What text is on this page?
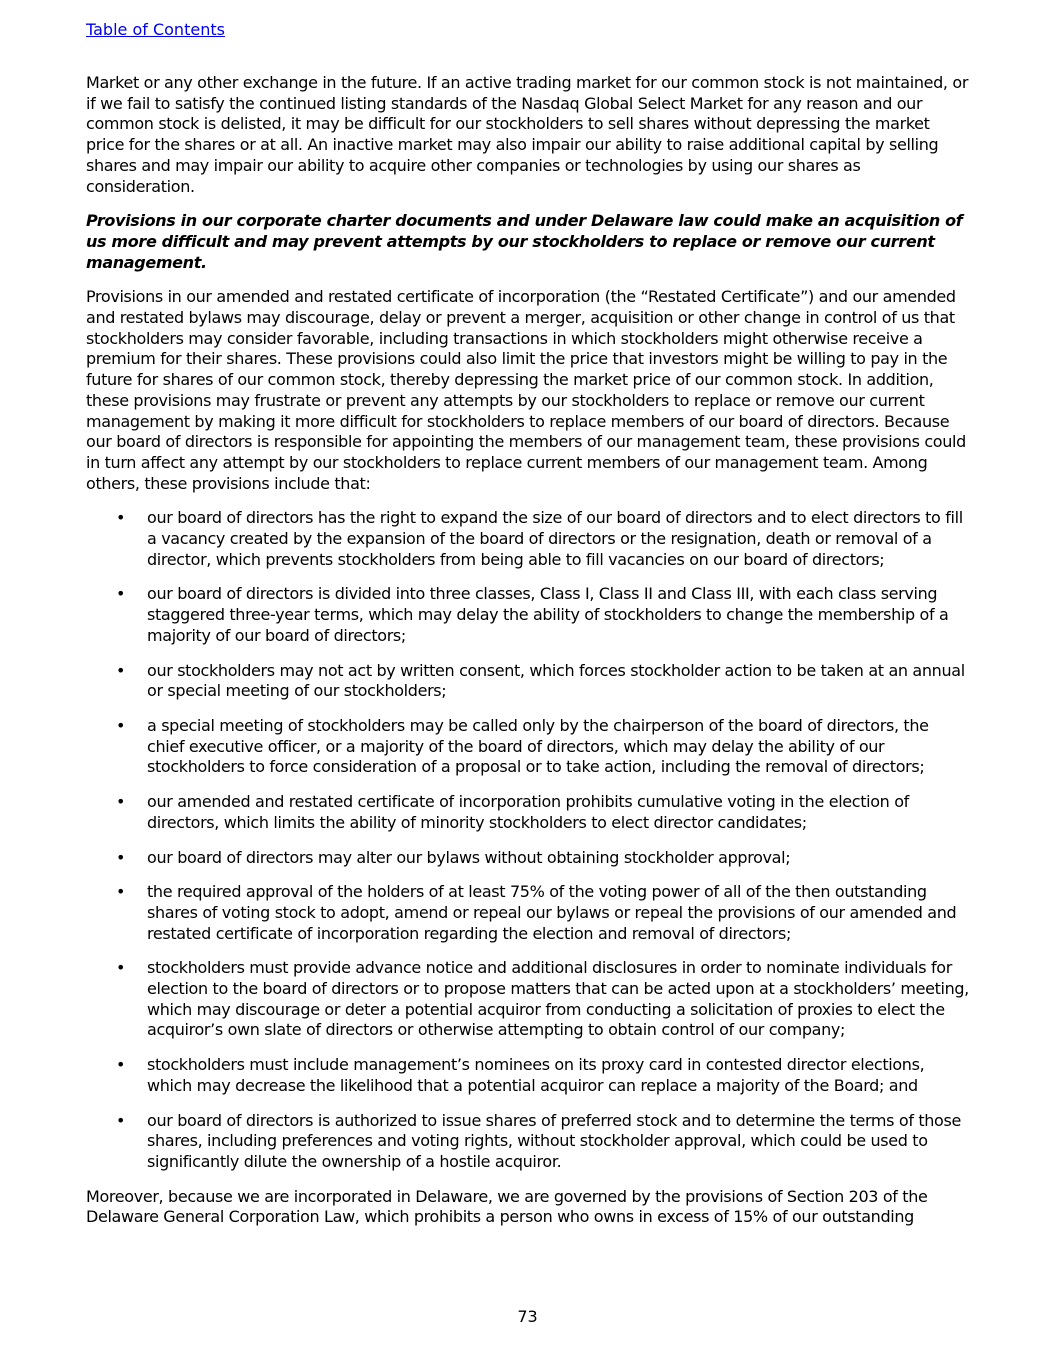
Table of Contents

Market or any other exchange in the future. If an active trading market for our common stock is not maintained, or if we fail to satisfy the continued listing standards of the Nasdaq Global Select Market for any reason and our common stock is delisted, it may be difficult for our stockholders to sell shares without depressing the market price for the shares or at all. An inactive market may also impair our ability to raise additional capital by selling shares and may impair our ability to acquire other companies or technologies by using our shares as consideration.

Provisions in our corporate charter documents and under Delaware law could make an acquisition of us more difficult and may prevent attempts by our stockholders to replace or remove our current management.

Provisions in our amended and restated certificate of incorporation (the “Restated Certificate”) and our amended and restated bylaws may discourage, delay or prevent a merger, acquisition or other change in control of us that stockholders may consider favorable, including transactions in which stockholders might otherwise receive a premium for their shares. These provisions could also limit the price that investors might be willing to pay in the future for shares of our common stock, thereby depressing the market price of our common stock. In addition, these provisions may frustrate or prevent any attempts by our stockholders to replace or remove our current management by making it more difficult for stockholders to replace members of our board of directors. Because our board of directors is responsible for appointing the members of our management team, these provisions could in turn affect any attempt by our stockholders to replace current members of our management team. Among others, these provisions include that:

• our board of directors has the right to expand the size of our board of directors and to elect directors to fill a vacancy created by the expansion of the board of directors or the resignation, death or removal of a director, which prevents stockholders from being able to fill vacancies on our board of directors;
• our board of directors is divided into three classes, Class I, Class II and Class III, with each class serving staggered three-year terms, which may delay the ability of stockholders to change the membership of a majority of our board of directors;
• our stockholders may not act by written consent, which forces stockholder action to be taken at an annual or special meeting of our stockholders;
• a special meeting of stockholders may be called only by the chairperson of the board of directors, the chief executive officer, or a majority of the board of directors, which may delay the ability of our stockholders to force consideration of a proposal or to take action, including the removal of directors;
• our amended and restated certificate of incorporation prohibits cumulative voting in the election of directors, which limits the ability of minority stockholders to elect director candidates;
• our board of directors may alter our bylaws without obtaining stockholder approval;
• the required approval of the holders of at least 75% of the voting power of all of the then outstanding shares of voting stock to adopt, amend or repeal our bylaws or repeal the provisions of our amended and restated certificate of incorporation regarding the election and removal of directors;
• stockholders must provide advance notice and additional disclosures in order to nominate individuals for election to the board of directors or to propose matters that can be acted upon at a stockholders’ meeting, which may discourage or deter a potential acquiror from conducting a solicitation of proxies to elect the acquiror’s own slate of directors or otherwise attempting to obtain control of our company;
• stockholders must include management’s nominees on its proxy card in contested director elections, which may decrease the likelihood that a potential acquiror can replace a majority of the Board; and
• our board of directors is authorized to issue shares of preferred stock and to determine the terms of those shares, including preferences and voting rights, without stockholder approval, which could be used to significantly dilute the ownership of a hostile acquiror.

Moreover, because we are incorporated in Delaware, we are governed by the provisions of Section 203 of the Delaware General Corporation Law, which prohibits a person who owns in excess of 15% of our outstanding

73
